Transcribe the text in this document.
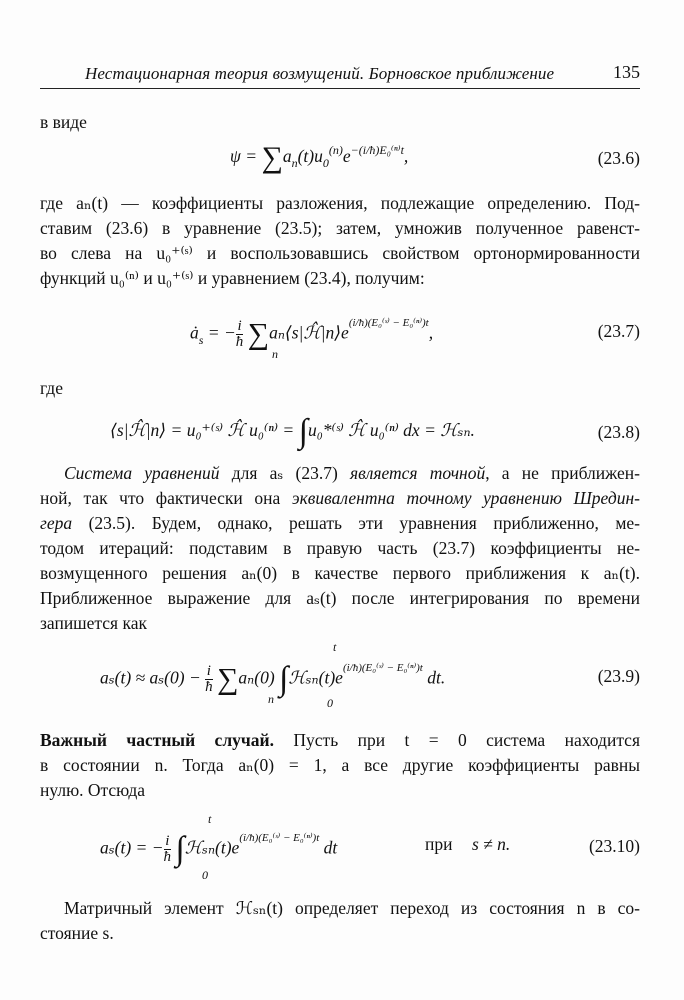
Нестационарная теория возмущений. Борновское приближение	135

в виде

$\psi = \sum a_n(t)u_0^{(n)}e^{-(i/ħ)E_0^{(n)}t}$,	(23.6)

где aₙ(t) — коэффициенты разложения, подлежащие определению. Под-

ставим (23.6) в уравнение (23.5); затем, умножив полученное равенст-

во слева на u₀⁺⁽ˢ⁾ и воспользовавшись свойством ортонормированности

функций u₀⁽ⁿ⁾ и u₀⁺⁽ˢ⁾ и уравнением (23.4), получим:

$ȧ_s$ = − $\frac{i}{ħ}$ $\sum a_n⟨s|ℋ̂|n⟩e^{(i/ħ)(E_0^(ˢ^) - E_0^{(n)})t}$,
n
(23.7)

где

⟨s|ℋ̂|n⟩ = u₀⁺⁽ˢ⁾ ℋ̂ u₀⁽ⁿ⁾ = ∫u₀*⁽ˢ⁾ ℋ̂ u₀⁽ⁿ⁾ dx = ℋₛₙ.	(23.8)

Система уравнений для aₛ (23.7) является точной, а не приближен-

ной, так что фактически она эквивалентна точному уравнению Шредин-

гера (23.5). Будем, однако, решать эти уравнения приближенно, ме-

тодом итераций: подставим в правую часть (23.7) коэффициенты не-

возмущенного решения aₙ(0) в качестве первого приближения к aₙ(t).

Приближенное выражение для aₛ(t) после интегрирования по времени

запишется как

$a_s(t) \approx a_s(0) - \frac{i}{ħ} \sum a_n(0)$ $\int ℋ_{sn}(t)e^{(i/ħ)(E_0^(ˢ^) - E_0^{(n)})t}$ dt.
n
t
0
(23.9)

Важный частный случай. Пусть при t = 0 система находится

в состоянии n. Тогда aₙ(0) = 1, а все другие коэффициенты равны

нулю. Отсюда

aₛ(t) = − $\frac{i}{ħ}$ $\int ℋ_{sn}(t)e^{(i/ħ)(E_0^(ˢ^) - E_0^{(n)})t}$ dt	при s ≠ n.
t
0
(23.10)

Матричный элемент ℋₛₙ(t) определяет переход из состояния n в со-

стояние s.
